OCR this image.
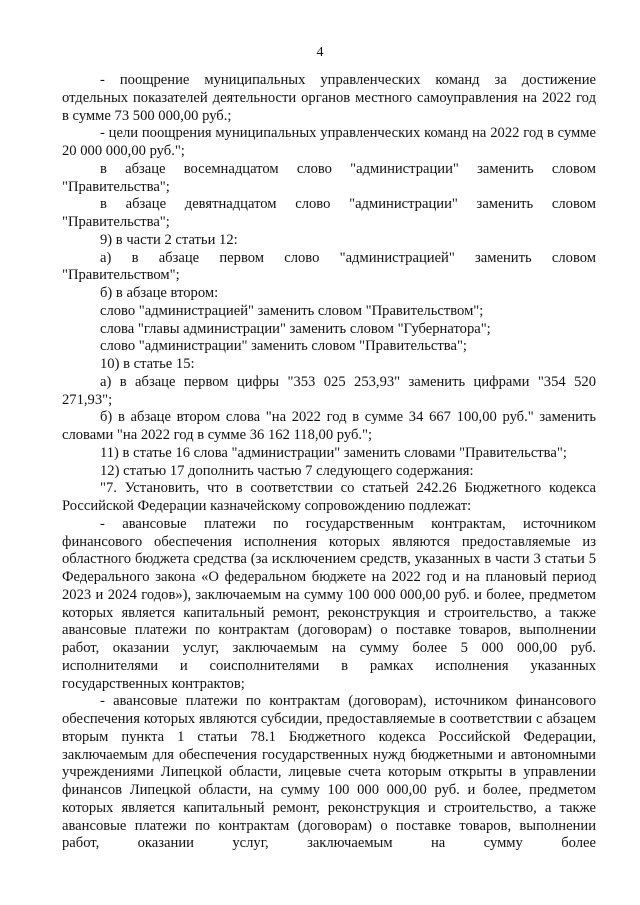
4

- поощрение муниципальных управленческих команд за достижение отдельных показателей деятельности органов местного самоуправления на 2022 год в сумме 73 500 000,00 руб.;

- цели поощрения муниципальных управленческих команд на 2022 год в сумме 20 000 000,00 руб.";

в абзаце восемнадцатом слово "администрации" заменить словом "Правительства";

в абзаце девятнадцатом слово "администрации" заменить словом "Правительства";

9) в части 2 статьи 12:

а) в абзаце первом слово "администрацией" заменить словом "Правительством";

б) в абзаце втором:

слово "администрацией" заменить словом "Правительством";

слова "главы администрации" заменить словом "Губернатора";

слово "администрации" заменить словом "Правительства";

10) в статье 15:

а) в абзаце первом цифры "353 025 253,93" заменить цифрами "354 520 271,93";

б) в абзаце втором слова "на 2022 год в сумме 34 667 100,00 руб." заменить словами "на 2022 год в сумме 36 162 118,00 руб.";

11) в статье 16 слова "администрации" заменить словами "Правительства";

12) статью 17 дополнить частью 7 следующего содержания:

"7. Установить, что в соответствии со статьей 242.26 Бюджетного кодекса Российской Федерации казначейскому сопровождению подлежат:

- авансовые платежи по государственным контрактам, источником финансового обеспечения исполнения которых являются предоставляемые из областного бюджета средства (за исключением средств, указанных в части 3 статьи 5 Федерального закона «О федеральном бюджете на 2022 год и на плановый период 2023 и 2024 годов»), заключаемым на сумму 100 000 000,00 руб. и более, предметом которых является капитальный ремонт, реконструкция и строительство, а также авансовые платежи по контрактам (договорам) о поставке товаров, выполнении работ, оказании услуг, заключаемым на сумму более 5 000 000,00 руб. исполнителями и соисполнителями в рамках исполнения указанных государственных контрактов;

- авансовые платежи по контрактам (договорам), источником финансового обеспечения которых являются субсидии, предоставляемые в соответствии с абзацем вторым пункта 1 статьи 78.1 Бюджетного кодекса Российской Федерации, заключаемым для обеспечения государственных нужд бюджетными и автономными учреждениями Липецкой области, лицевые счета которым открыты в управлении финансов Липецкой области, на сумму 100 000 000,00 руб. и более, предметом которых является капитальный ремонт, реконструкция и строительство, а также авансовые платежи по контрактам (договорам) о поставке товаров, выполнении работ, оказании услуг, заключаемым на сумму более
